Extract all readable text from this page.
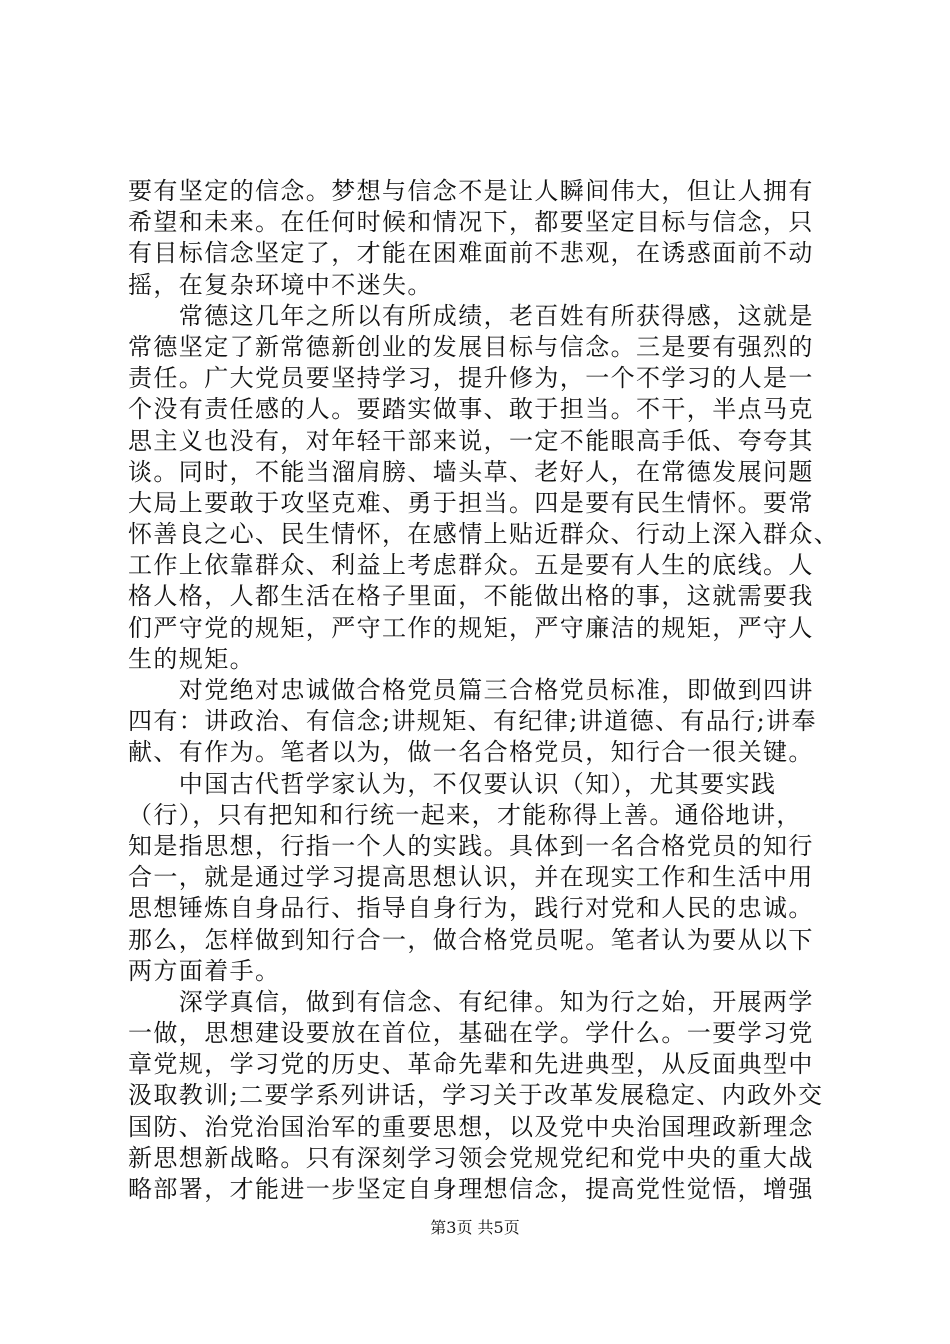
要有坚定的信念。梦想与信念不是让人瞬间伟大，但让人拥有
希望和未来。在任何时候和情况下，都要坚定目标与信念，只
有目标信念坚定了，才能在困难面前不悲观，在诱惑面前不动
摇，在复杂环境中不迷失。
　　常德这几年之所以有所成绩，老百姓有所获得感，这就是
常德坚定了新常德新创业的发展目标与信念。三是要有强烈的
责任。广大党员要坚持学习，提升修为，一个不学习的人是一
个没有责任感的人。要踏实做事、敢于担当。不干，半点马克
思主义也没有，对年轻干部来说，一定不能眼高手低、夸夸其
谈。同时，不能当溜肩膀、墙头草、老好人，在常德发展问题
大局上要敢于攻坚克难、勇于担当。四是要有民生情怀。要常
怀善良之心、民生情怀，在感情上贴近群众、行动上深入群众、
工作上依靠群众、利益上考虑群众。五是要有人生的底线。人
格人格，人都生活在格子里面，不能做出格的事，这就需要我
们严守党的规矩，严守工作的规矩，严守廉洁的规矩，严守人
生的规矩。
　　对党绝对忠诚做合格党员篇三合格党员标准，即做到四讲
四有：讲政治、有信念;讲规矩、有纪律;讲道德、有品行;讲奉
献、有作为。笔者以为，做一名合格党员，知行合一很关键。
　　中国古代哲学家认为，不仅要认识（知），尤其要实践
（行），只有把知和行统一起来，才能称得上善。通俗地讲，
知是指思想，行指一个人的实践。具体到一名合格党员的知行
合一，就是通过学习提高思想认识，并在现实工作和生活中用
思想锤炼自身品行、指导自身行为，践行对党和人民的忠诚。
那么，怎样做到知行合一，做合格党员呢。笔者认为要从以下
两方面着手。
　　深学真信，做到有信念、有纪律。知为行之始，开展两学
一做，思想建设要放在首位，基础在学。学什么。一要学习党
章党规，学习党的历史、革命先辈和先进典型，从反面典型中
汲取教训;二要学系列讲话，学习关于改革发展稳定、内政外交
国防、治党治国治军的重要思想，以及党中央治国理政新理念
新思想新战略。只有深刻学习领会党规党纪和党中央的重大战
略部署，才能进一步坚定自身理想信念，提高党性觉悟，增强
第3页 共5页
